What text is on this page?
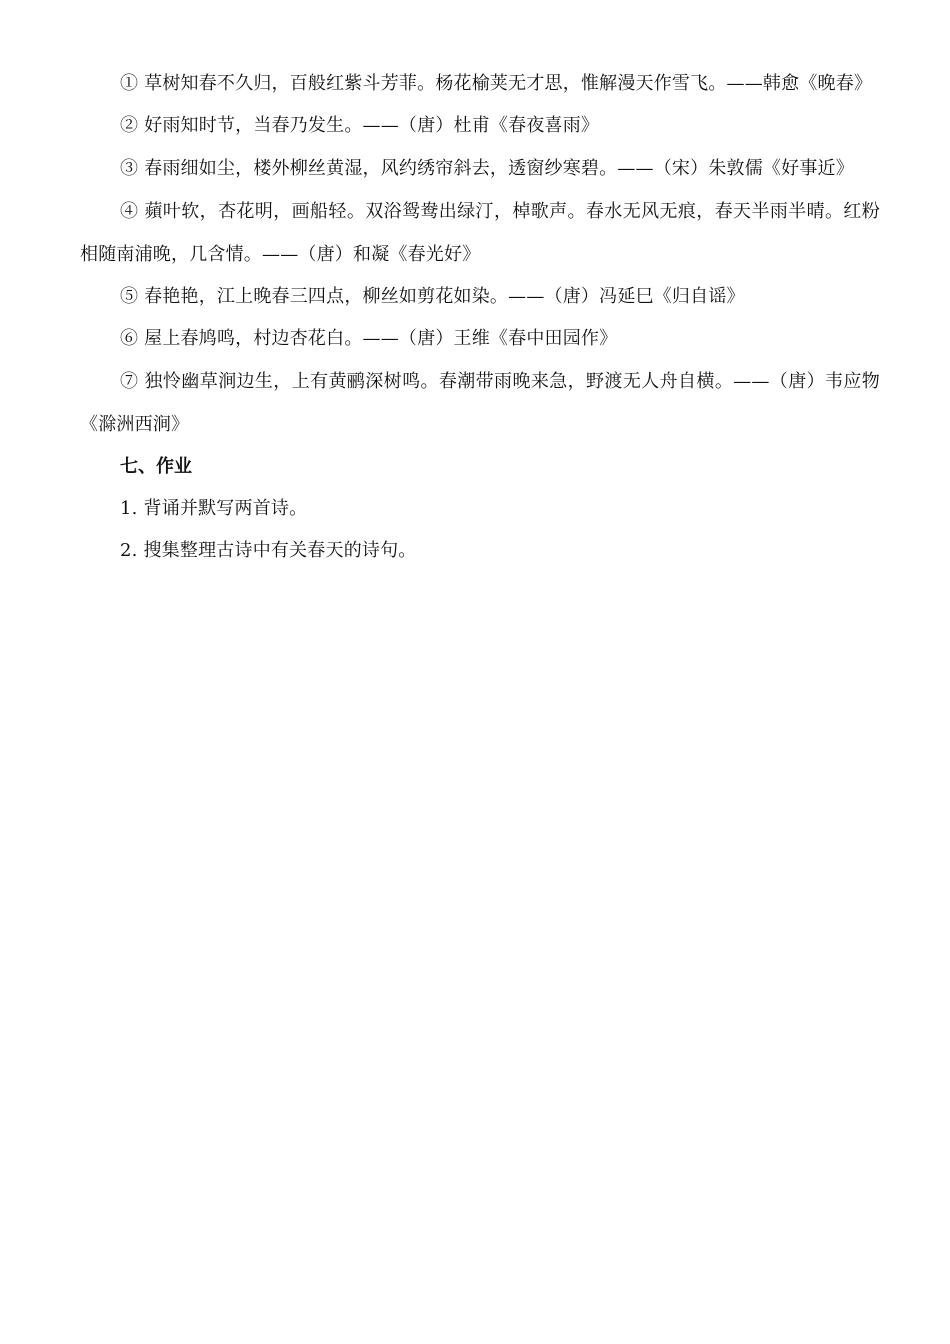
① 草树知春不久归，百般红紫斗芳菲。杨花榆荚无才思，惟解漫天作雪飞。——韩愈《晚春》

② 好雨知时节，当春乃发生。——（唐）杜甫《春夜喜雨》

③ 春雨细如尘，楼外柳丝黄湿，风约绣帘斜去，透窗纱寒碧。——（宋）朱敦儒《好事近》

④ 蘋叶软，杏花明，画船轻。双浴鸳鸯出绿汀，棹歌声。春水无风无痕，春天半雨半晴。红粉相随南浦晚，几含情。——（唐）和凝《春光好》

⑤ 春艳艳，江上晚春三四点，柳丝如剪花如染。——（唐）冯延巳《归自谣》

⑥ 屋上春鸠鸣，村边杏花白。——（唐）王维《春中田园作》

⑦ 独怜幽草涧边生，上有黄鹂深树鸣。春潮带雨晚来急，野渡无人舟自横。——（唐）韦应物《滁洲西涧》

七、作业

1. 背诵并默写两首诗。

2. 搜集整理古诗中有关春天的诗句。
